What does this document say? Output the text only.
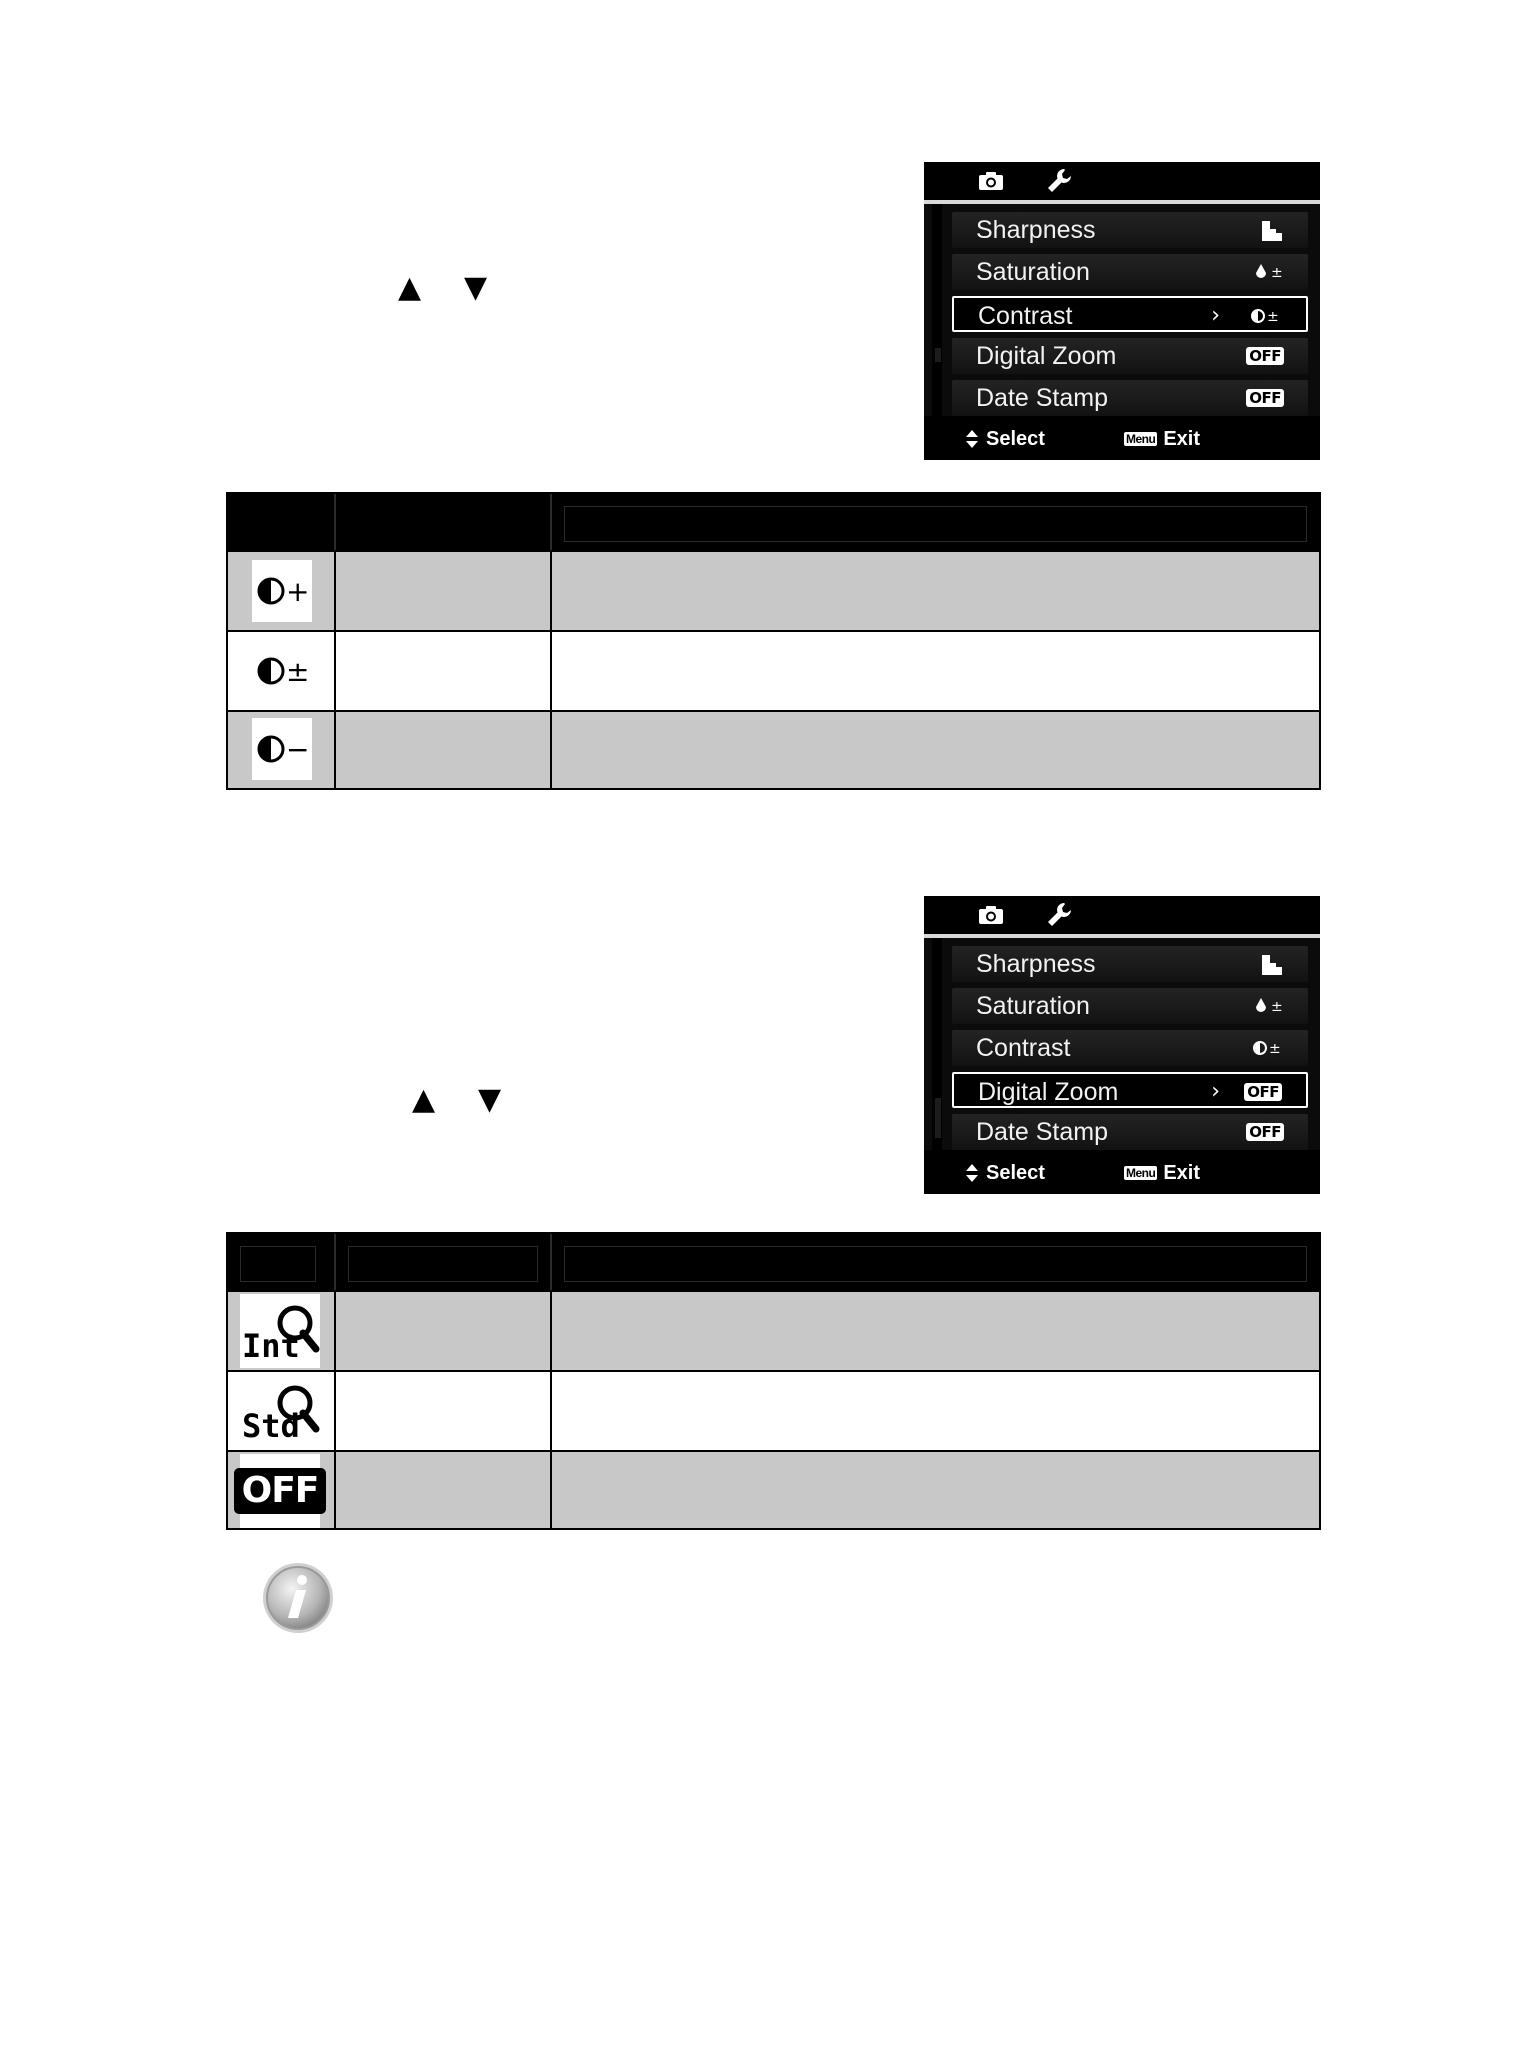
▲ ▼
Sharpness
Saturation	±
Contrast	›	±
Digital Zoom	OFF
Date Stamp	OFF
Select	Menu Exit
+
±
−
▲ ▼
Sharpness
Saturation	±
Contrast	±
Digital Zoom	› OFF
Date Stamp	OFF
Select	Menu Exit
Int
Std
OFF
